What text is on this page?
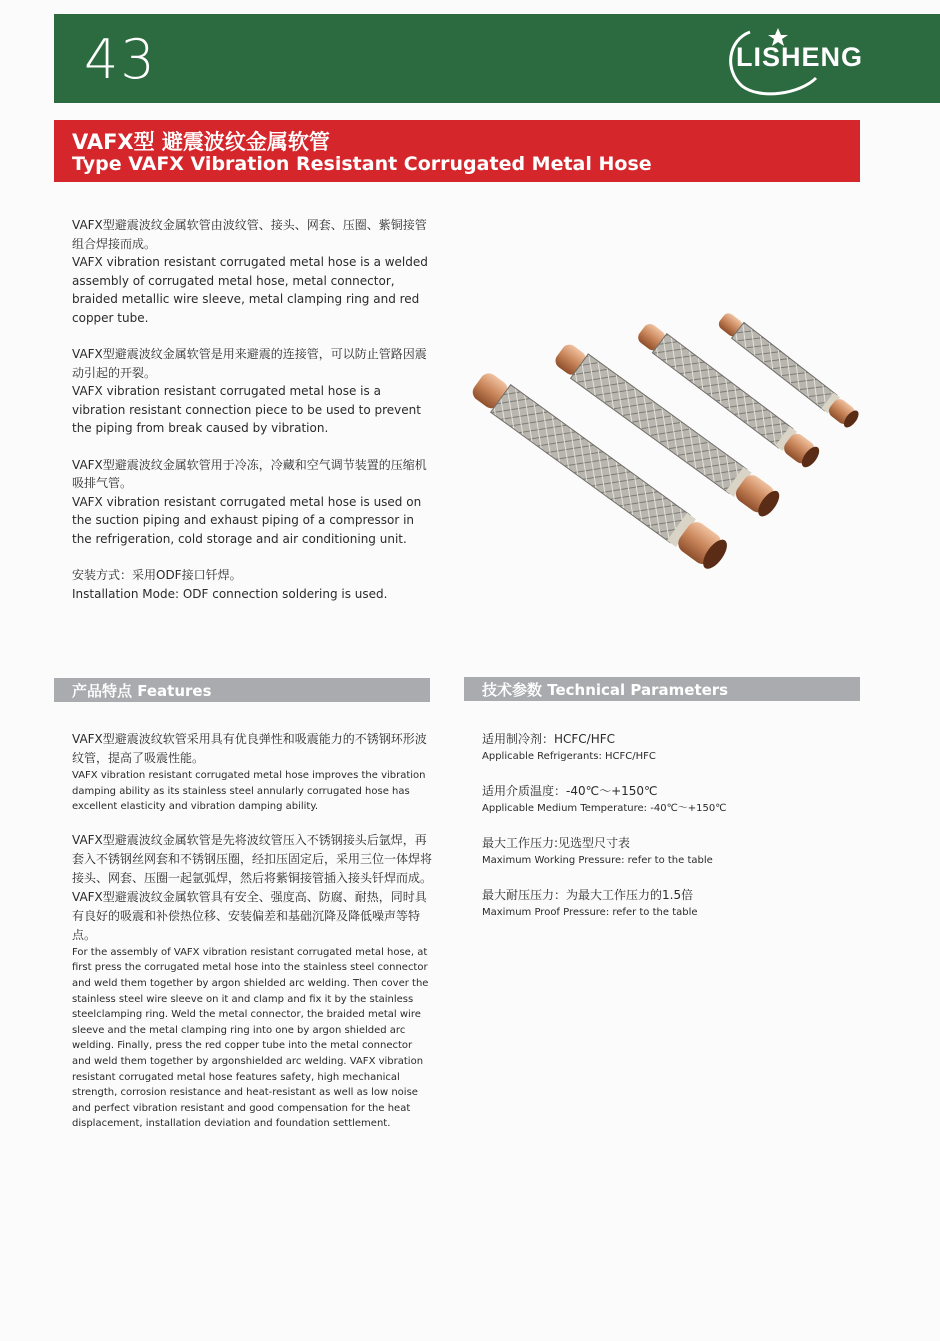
43	LISHENG
VAFX型 避震波纹金属软管
Type VAFX Vibration Resistant Corrugated Metal Hose

VAFX型避震波纹金属软管由波纹管、接头、网套、压圈、紫铜接管组合焊接而成。
VAFX vibration resistant corrugated metal hose is a welded assembly of corrugated metal hose, metal connector, braided metallic wire sleeve, metal clamping ring and red copper tube.

VAFX型避震波纹金属软管是用来避震的连接管，可以防止管路因震动引起的开裂。
VAFX vibration resistant corrugated metal hose is a vibration resistant connection piece to be used to prevent the piping from break caused by vibration.

VAFX型避震波纹金属软管用于冷冻，冷藏和空气调节装置的压缩机吸排气管。
VAFX vibration resistant corrugated metal hose is used on the suction piping and exhaust piping of a compressor in the refrigeration, cold storage and air conditioning unit.

安装方式：采用ODF接口钎焊。
Installation Mode: ODF connection soldering is used.

产品特点 Features

VAFX型避震波纹软管采用具有优良弹性和吸震能力的不锈钢环形波纹管，提高了吸震性能。

VAFX vibration resistant corrugated metal hose improves the vibration damping ability as its stainless steel annularly corrugated hose has excellent elasticity and vibration damping ability.

VAFX型避震波纹金属软管是先将波纹管压入不锈钢接头后氩焊，再套入不锈钢丝网套和不锈钢压圈，经扣压固定后，采用三位一体焊将接头、网套、压圈一起氩弧焊，然后将紫铜接管插入接头钎焊而成。VAFX型避震波纹金属软管具有安全、强度高、防腐、耐热，同时具有良好的吸震和补偿热位移、安装偏差和基础沉降及降低噪声等特点。

For the assembly of VAFX vibration resistant corrugated metal hose, at first press the corrugated metal hose into the stainless steel connector and weld them together by argon shielded arc welding. Then cover the stainless steel wire sleeve on it and clamp and fix it by the stainless steelclamping ring. Weld the metal connector, the braided metal wire sleeve and the metal clamping ring into one by argon shielded arc welding. Finally, press the red copper tube into the metal connector and weld them together by argonshielded arc welding. VAFX vibration resistant corrugated metal hose features safety, high mechanical strength, corrosion resistance and heat-resistant as well as low noise and perfect vibration resistant and good compensation for the heat displacement, installation deviation and foundation settlement.

技术参数 Technical Parameters

适用制冷剂：HCFC/HFC

Applicable Refrigerants: HCFC/HFC

适用介质温度：-40℃～+150℃

Applicable Medium Temperature: -40℃～+150℃

最大工作压力:见选型尺寸表

Maximum Working Pressure: refer to the table

最大耐压压力：为最大工作压力的1.5倍

Maximum Proof Pressure: refer to the table
